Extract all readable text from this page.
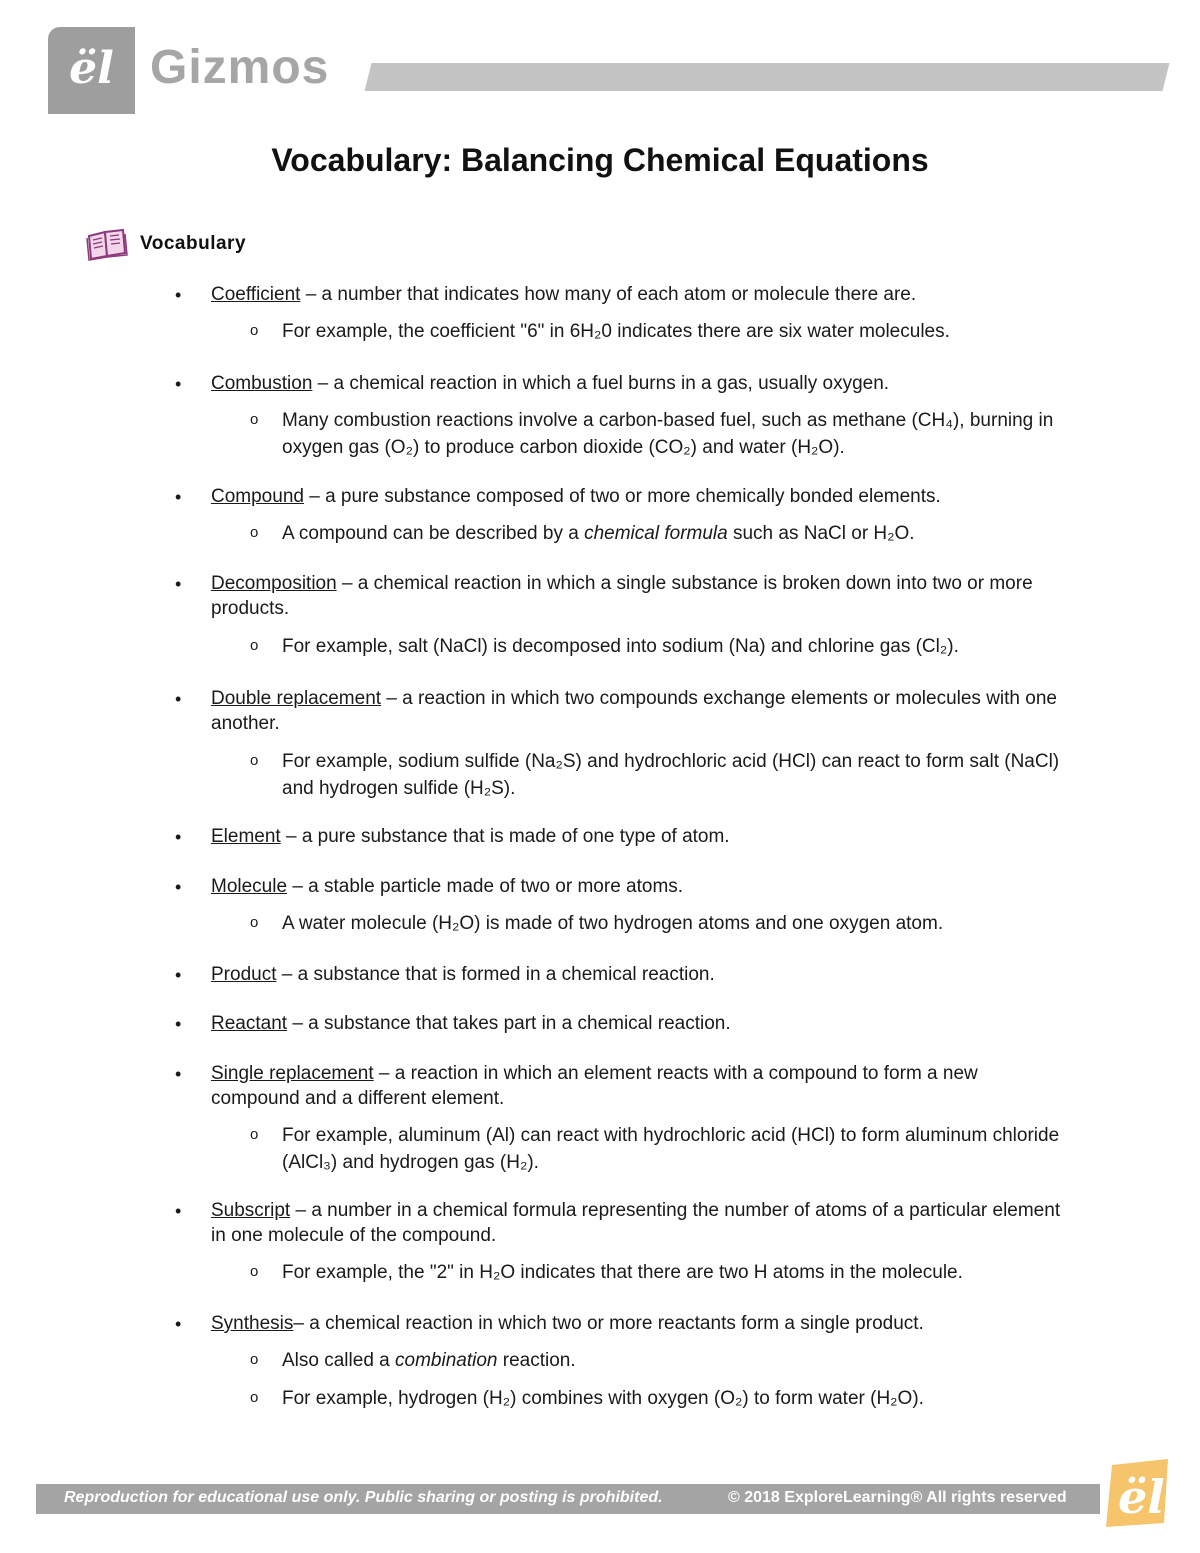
ël Gizmos
Vocabulary: Balancing Chemical Equations
Vocabulary
• Coefficient – a number that indicates how many of each atom or molecule there are.
o For example, the coefficient "6" in 6H₂0 indicates there are six water molecules.
• Combustion – a chemical reaction in which a fuel burns in a gas, usually oxygen.
o Many combustion reactions involve a carbon-based fuel, such as methane (CH₄), burning in oxygen gas (O₂) to produce carbon dioxide (CO₂) and water (H₂O).
• Compound – a pure substance composed of two or more chemically bonded elements.
o A compound can be described by a chemical formula such as NaCl or H₂O.
• Decomposition – a chemical reaction in which a single substance is broken down into two or more products.
o For example, salt (NaCl) is decomposed into sodium (Na) and chlorine gas (Cl₂).
• Double replacement – a reaction in which two compounds exchange elements or molecules with one another.
o For example, sodium sulfide (Na₂S) and hydrochloric acid (HCl) can react to form salt (NaCl) and hydrogen sulfide (H₂S).
• Element – a pure substance that is made of one type of atom.
• Molecule – a stable particle made of two or more atoms.
o A water molecule (H₂O) is made of two hydrogen atoms and one oxygen atom.
• Product – a substance that is formed in a chemical reaction.
• Reactant – a substance that takes part in a chemical reaction.
• Single replacement – a reaction in which an element reacts with a compound to form a new compound and a different element.
o For example, aluminum (Al) can react with hydrochloric acid (HCl) to form aluminum chloride (AlCl₃) and hydrogen gas (H₂).
• Subscript – a number in a chemical formula representing the number of atoms of a particular element in one molecule of the compound.
o For example, the "2" in H₂O indicates that there are two H atoms in the molecule.
• Synthesis– a chemical reaction in which two or more reactants form a single product.
o Also called a combination reaction.
o For example, hydrogen (H₂) combines with oxygen (O₂) to form water (H₂O).
Reproduction for educational use only. Public sharing or posting is prohibited.	© 2018 ExploreLearning® All rights reserved ël
